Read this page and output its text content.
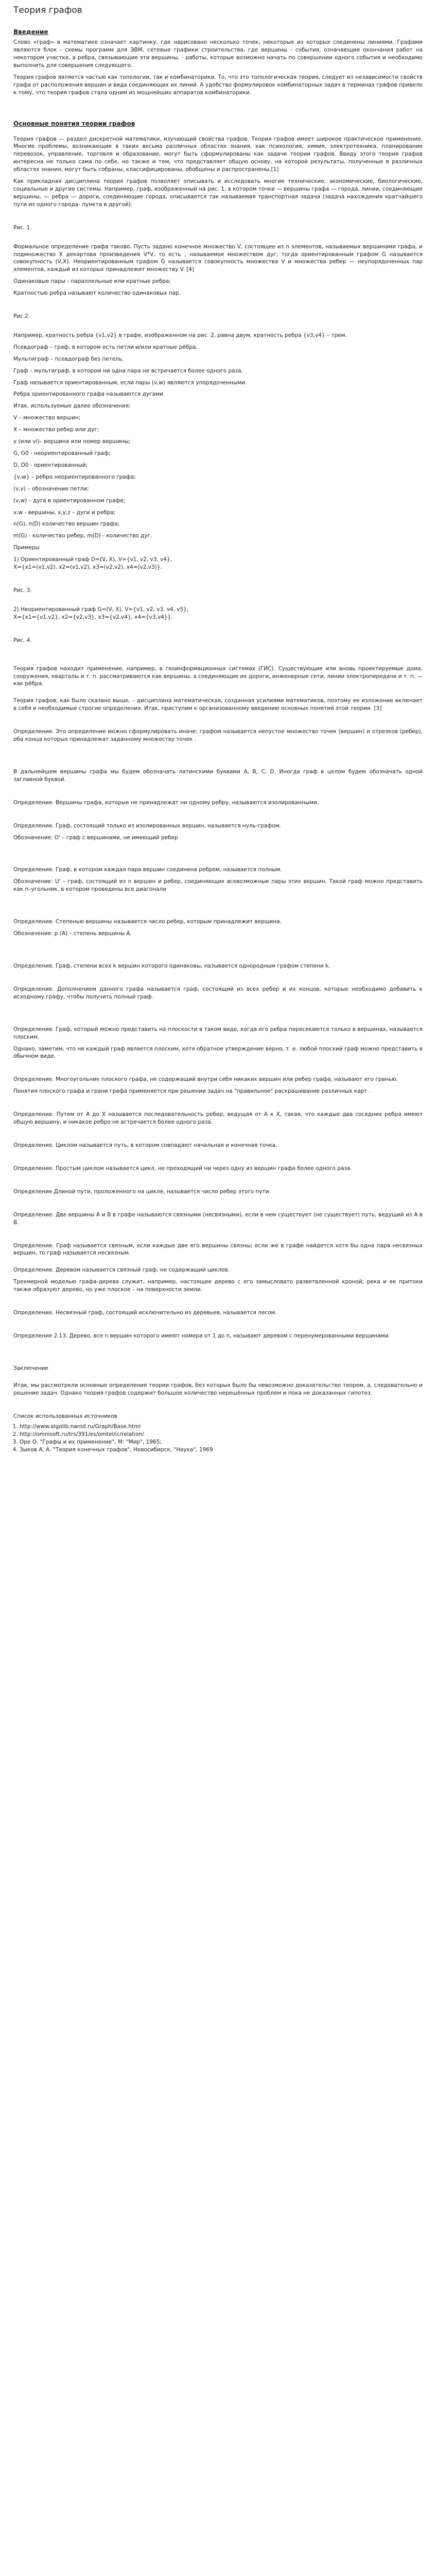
Теория графов
Введение

Слово «граф» в математике означает картинку, где нарисовано несколько точек, некоторые из которых соединены линиями. Графами являются блок - схемы программ для ЭВМ, сетевые графики строительства, где вершины - события, означающие окончания работ на некотором участке, а ребра, связывающие эти вершины, - работы, которые возможно начать по совершении одного события и необходимо выполнить для совершения следующего.

Теория графов является частью как топологии, так и комбинаторики. То, что это топологическая теория, следует из независимости свойств графа от расположения вершин и вида соединяющих их линий. А удобство формулировок комбинаторных задач в терминах графов привело к тому, что теория графов стала одним из мощнейших аппаратов комбинаторики.

Основные понятия теории графов

Теория графов — раздел дискретной математики, изучающий свойства графов. Теория графов имеет широкое практическое применение. Многие проблемы, возникающие в таких весьма различных областях знания, как психология, химия, электротехника, планирование перевозок, управление, торговля и образование, могут быть сформулированы как задачи теории графов. Ввиду этого теория графов интересна не только сама по себе, но также и тем, что представляет общую основу, на которой результаты, полученные в различных областях знания, могут быть собраны, классифицированы, обобщены и распространены.[1]

Как прикладная дисциплина теория графов позволяет описывать и исследовать многие технические, экономические, биологические, социальные и другие системы. Например, граф, изображенный на рис. 1, в котором точки — вершины графа — города, линии, соединяющие вершины, — ребра — дороги, соединяющие города, описывается так называемая транспортная задача (задача нахождения кратчайшего пути из одного города- пункта в другой).

Рис. 1.

Формальное определение графа таково. Пусть задано конечное множество V, состоящее из n элементов, называемых вершинами графа, и подмножество X декартова произведения V*V, то есть , называемое множеством дуг, тогда ориентированным графом G называется совокупность (V,X). Неориентированным графом G называется совокупность множества V и множества ребер — неупорядоченных пар элементов, каждый из которых принадлежит множеству V. [4]

Одинаковые пары - параллельные или кратные ребра;

Кратностью ребра называют количество одинаковых пар.

Рис.2.

Например, кратность ребра {v1,v2} в графе, изображенном на рис. 2, равна двум, кратность ребра {v3,v4} – трем.

Псевдограф – граф, в котором есть петли и/или кратные рёбра.

Мультиграф – псевдограф без петель.

Граф – мультиграф, в котором ни одна пара не встречается более одного раза.

Граф называется ориентированным, если пары (v,w) являются упорядоченными.

Ребра ориентированного графа называются дугами.

Итак, используемые далее обозначения:

V – множество вершин;

X – множество ребер или дуг;

v (или vi)– вершина или номер вершины;

G, G0 - неориентированный граф;

D, D0 - ориентированный;

{v,w} – ребро неориентированного графа;

(v,v) – обозначение петли;

(v,w) – дуга в ориентированном графе;

v,w - вершины, x,y,z – дуги и ребра;

n(G), n(D) количество вершин графа;

m(G) - количество ребер, m(D) - количество дуг.

Примеры

1) Ориентированный граф D=(V, X), V={v1, v2, v3, v4},

X={x1=(v1,v2), x2=(v1,v2), x3=(v2,v2), x4=(v2,v3)}.

Рис. 3.

2) Неориентированный граф G=(V, X), V={v1, v2, v3, v4, v5},

X={x1={v1,v2}, x2={v2,v3}, x3={v2,v4}, x4={v3,v4}}.

Рис. 4.

Теория графов находит применение, например, в геоинформационных системах (ГИС). Существующие или вновь проектируемые дома, сооружения, кварталы и т. п. рассматриваются как вершины, а соединяющие их дороги, инженерные сети, линии электропередачи и т. п. — как рёбра.

Теория графов, как было сказано выше, – дисциплина математическая, созданная усилиями математиков, поэтому ее изложение включает в себя и необходимые строгие определения. Итак, приступим к организованному введению основных понятий этой теории. [3]

Определение. Это определение можно сформулировать иначе: графом называется непустое множество точек (вершин) и отрезков (ребер), оба конца которых принадлежат заданному множеству точек .

В дальнейшем вершины графа мы будем обозначать латинскими буквами A, B, C, D. Иногда граф в целом будем обозначать одной заглавной буквой.

Определение. Вершины графа, которые не принадлежат ни одному ребру, называются изолированными.

Определение. Граф, состоящий только из изолированных вершин, называется нуль-графом.

Обозначение: O' – граф с вершинами, не имеющий ребер

Определение. Граф, в котором каждая пара вершин соединена ребром, называется полным.

Обозначение: U' – граф, состоящий из n вершин и ребер, соединяющих всевозможные пары этих вершин. Такой граф можно представить как n–угольник, в котором проведены все диагонали

Определение. Степенью вершины называется число ребер, которым принадлежит вершина.

Обозначение: p (A) – степень вершины A.

Определение. Граф, степени всех k вершин которого одинаковы, называется однородным графом степени k.

Определение. Дополнением данного графа называется граф, состоящий из всех ребер и их концов, которые необходимо добавить к исходному графу, чтобы получить полный граф.

Определение. Граф, который можно представить на плоскости в таком виде, когда его ребра пересекаются только в вершинах, называется плоским.

Однако, заметим, что не каждый граф является плоским, хотя обратное утверждение верно, т. е. любой плоский граф можно представить в обычном виде.

Определение. Многоугольник плоского графа, не содержащий внутри себя никаких вершин или ребер графа, называют его гранью.

Понятия плоского графа и грани графа применяется при решении задач на "правильное" раскрашивание различных карт .

Определение. Путем от A до X называется последовательность ребер, ведущая от A к X, такая, что каждые два соседних ребра имеют общую вершину, и никакое ребро не встречается более одного раза.

Определение. Циклом называется путь, в котором совпадают начальная и конечная точка.

Определение. Простым циклом называется цикл, не проходящий ни через одну из вершин графа более одного раза.

Определение Длиной пути, проложенного на цикле, называется число ребер этого пути.

Определение. Две вершины A и B в графе называются связными (несвязными), если в нем существует (не существует) путь, ведущий из A в B.

Определение. Граф называется связным, если каждые две его вершины связны; если же в графе найдется хотя бы одна пара несвязных вершин, то граф называется несвязным.

Определение. Деревом называется связный граф, не содержащий циклов.

Трехмерной моделью графа-дерева служит, например, настоящее дерево с его замысловато разветвленной кроной; река и ее притоки также образуют дерево, но уже плоское – на поверхности земли.

Определение. Несвязный граф, состоящий исключительно из деревьев, называется лесом.

Определение 2.13. Дерево, все n вершин которого имеют номера от 1 до n, называют деревом с перенумерованными вершинами.

Заключение

Итак, мы рассмотрели основные определения теории графов, без которых было бы невозможно доказательство теорем, а, следовательно и решение задач. Однако теория графов содержит большое количество нерешённых проблем и пока не доказанных гипотез.

Список использованных источников

1. http://www.algolib.narod.ru/Graph/Base.html
2. http://omnisoft.ru/trs/391/es/omtel/ic/relation/
3. Оре О. "Графы и их применение", М: "Мир", 1965;
4. Зыков А. А. "Теория конечных графов", Новосибирск, "Наука", 1969
